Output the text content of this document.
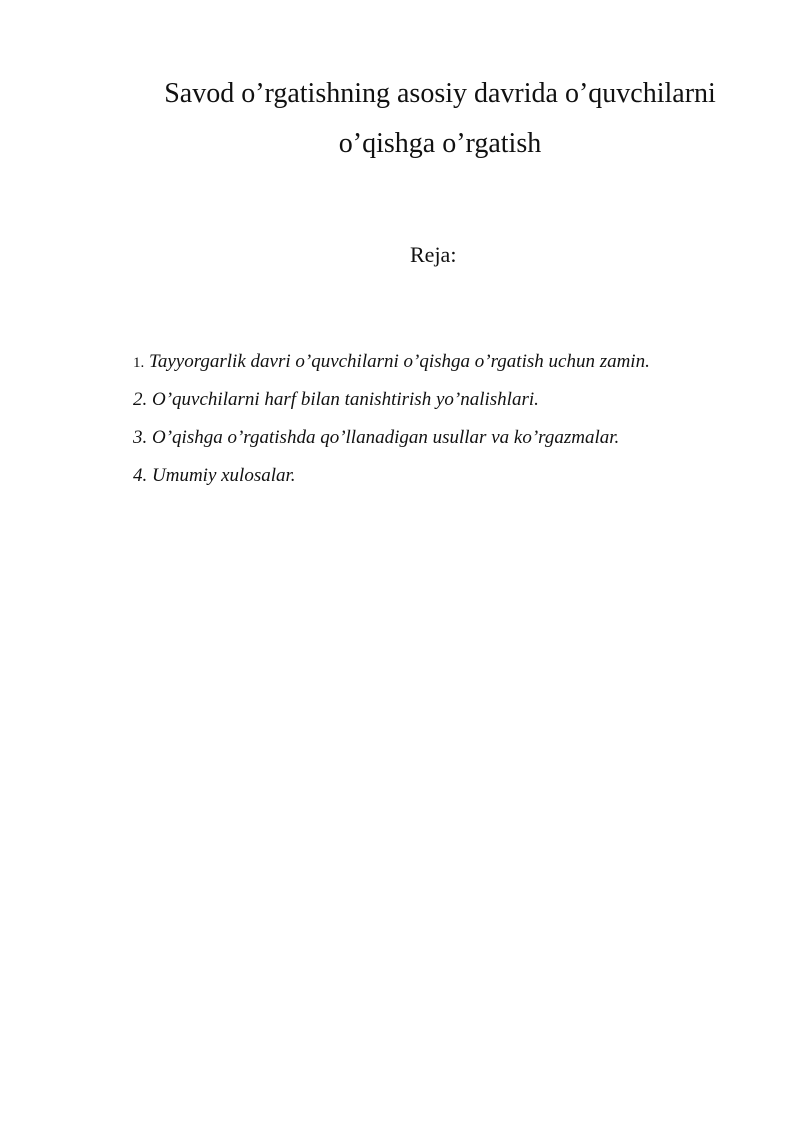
Savod o’rgatishning asosiy davrida o’quvchilarni
o’qishga o’rgatish

Reja:

1. Tayyorgarlik davri o’quvchilarni o’qishga o’rgatish uchun zamin.
2. O’quvchilarni harf bilan tanishtirish yo’nalishlari.
3. O’qishga o’rgatishda qo’llanadigan usullar va ko’rgazmalar.
4. Umumiy xulosalar.
